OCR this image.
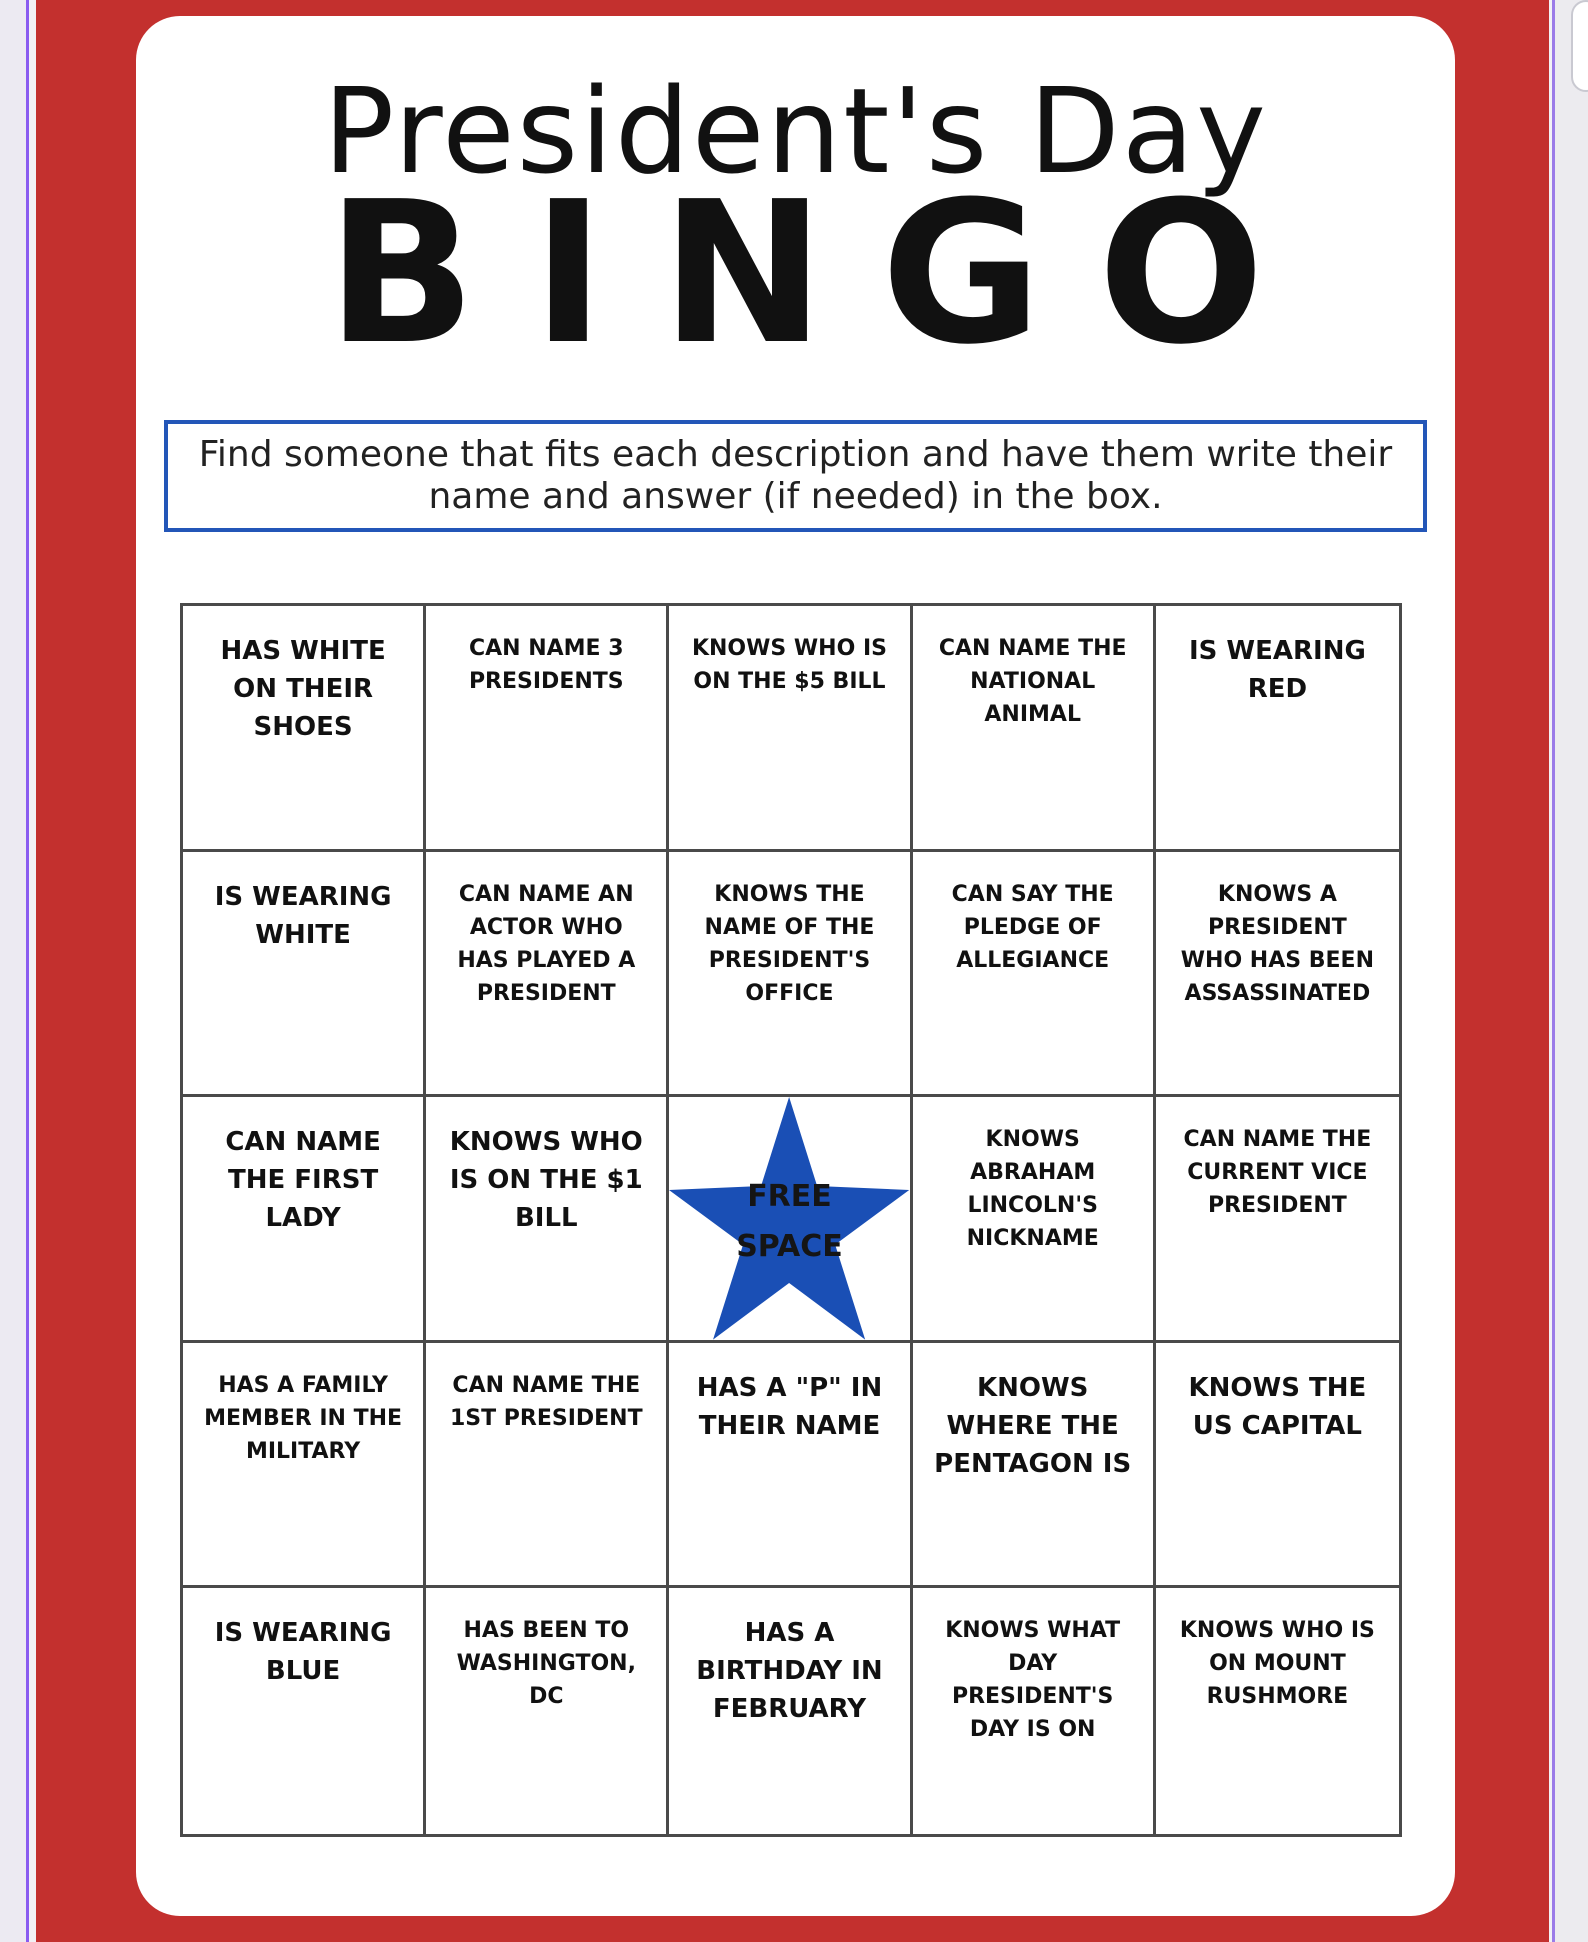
President's Day
BINGO
Find someone that fits each description and have them write their name and answer (if needed) in the box.
HAS WHITE ON THEIR SHOES
CAN NAME 3 PRESIDENTS
KNOWS WHO IS ON THE $5 BILL
CAN NAME THE NATIONAL ANIMAL
IS WEARING RED
IS WEARING WHITE
CAN NAME AN ACTOR WHO HAS PLAYED A PRESIDENT
KNOWS THE NAME OF THE PRESIDENT'S OFFICE
CAN SAY THE PLEDGE OF ALLEGIANCE
KNOWS A PRESIDENT WHO HAS BEEN ASSASSINATED
CAN NAME THE FIRST LADY
KNOWS WHO IS ON THE $1 BILL
FREE SPACE
KNOWS ABRAHAM LINCOLN'S NICKNAME
CAN NAME THE CURRENT VICE PRESIDENT
HAS A FAMILY MEMBER IN THE MILITARY
CAN NAME THE 1ST PRESIDENT
HAS A "P" IN THEIR NAME
KNOWS WHERE THE PENTAGON IS
KNOWS THE US CAPITAL
IS WEARING BLUE
HAS BEEN TO WASHINGTON, DC
HAS A BIRTHDAY IN FEBRUARY
KNOWS WHAT DAY PRESIDENT'S DAY IS ON
KNOWS WHO IS ON MOUNT RUSHMORE
